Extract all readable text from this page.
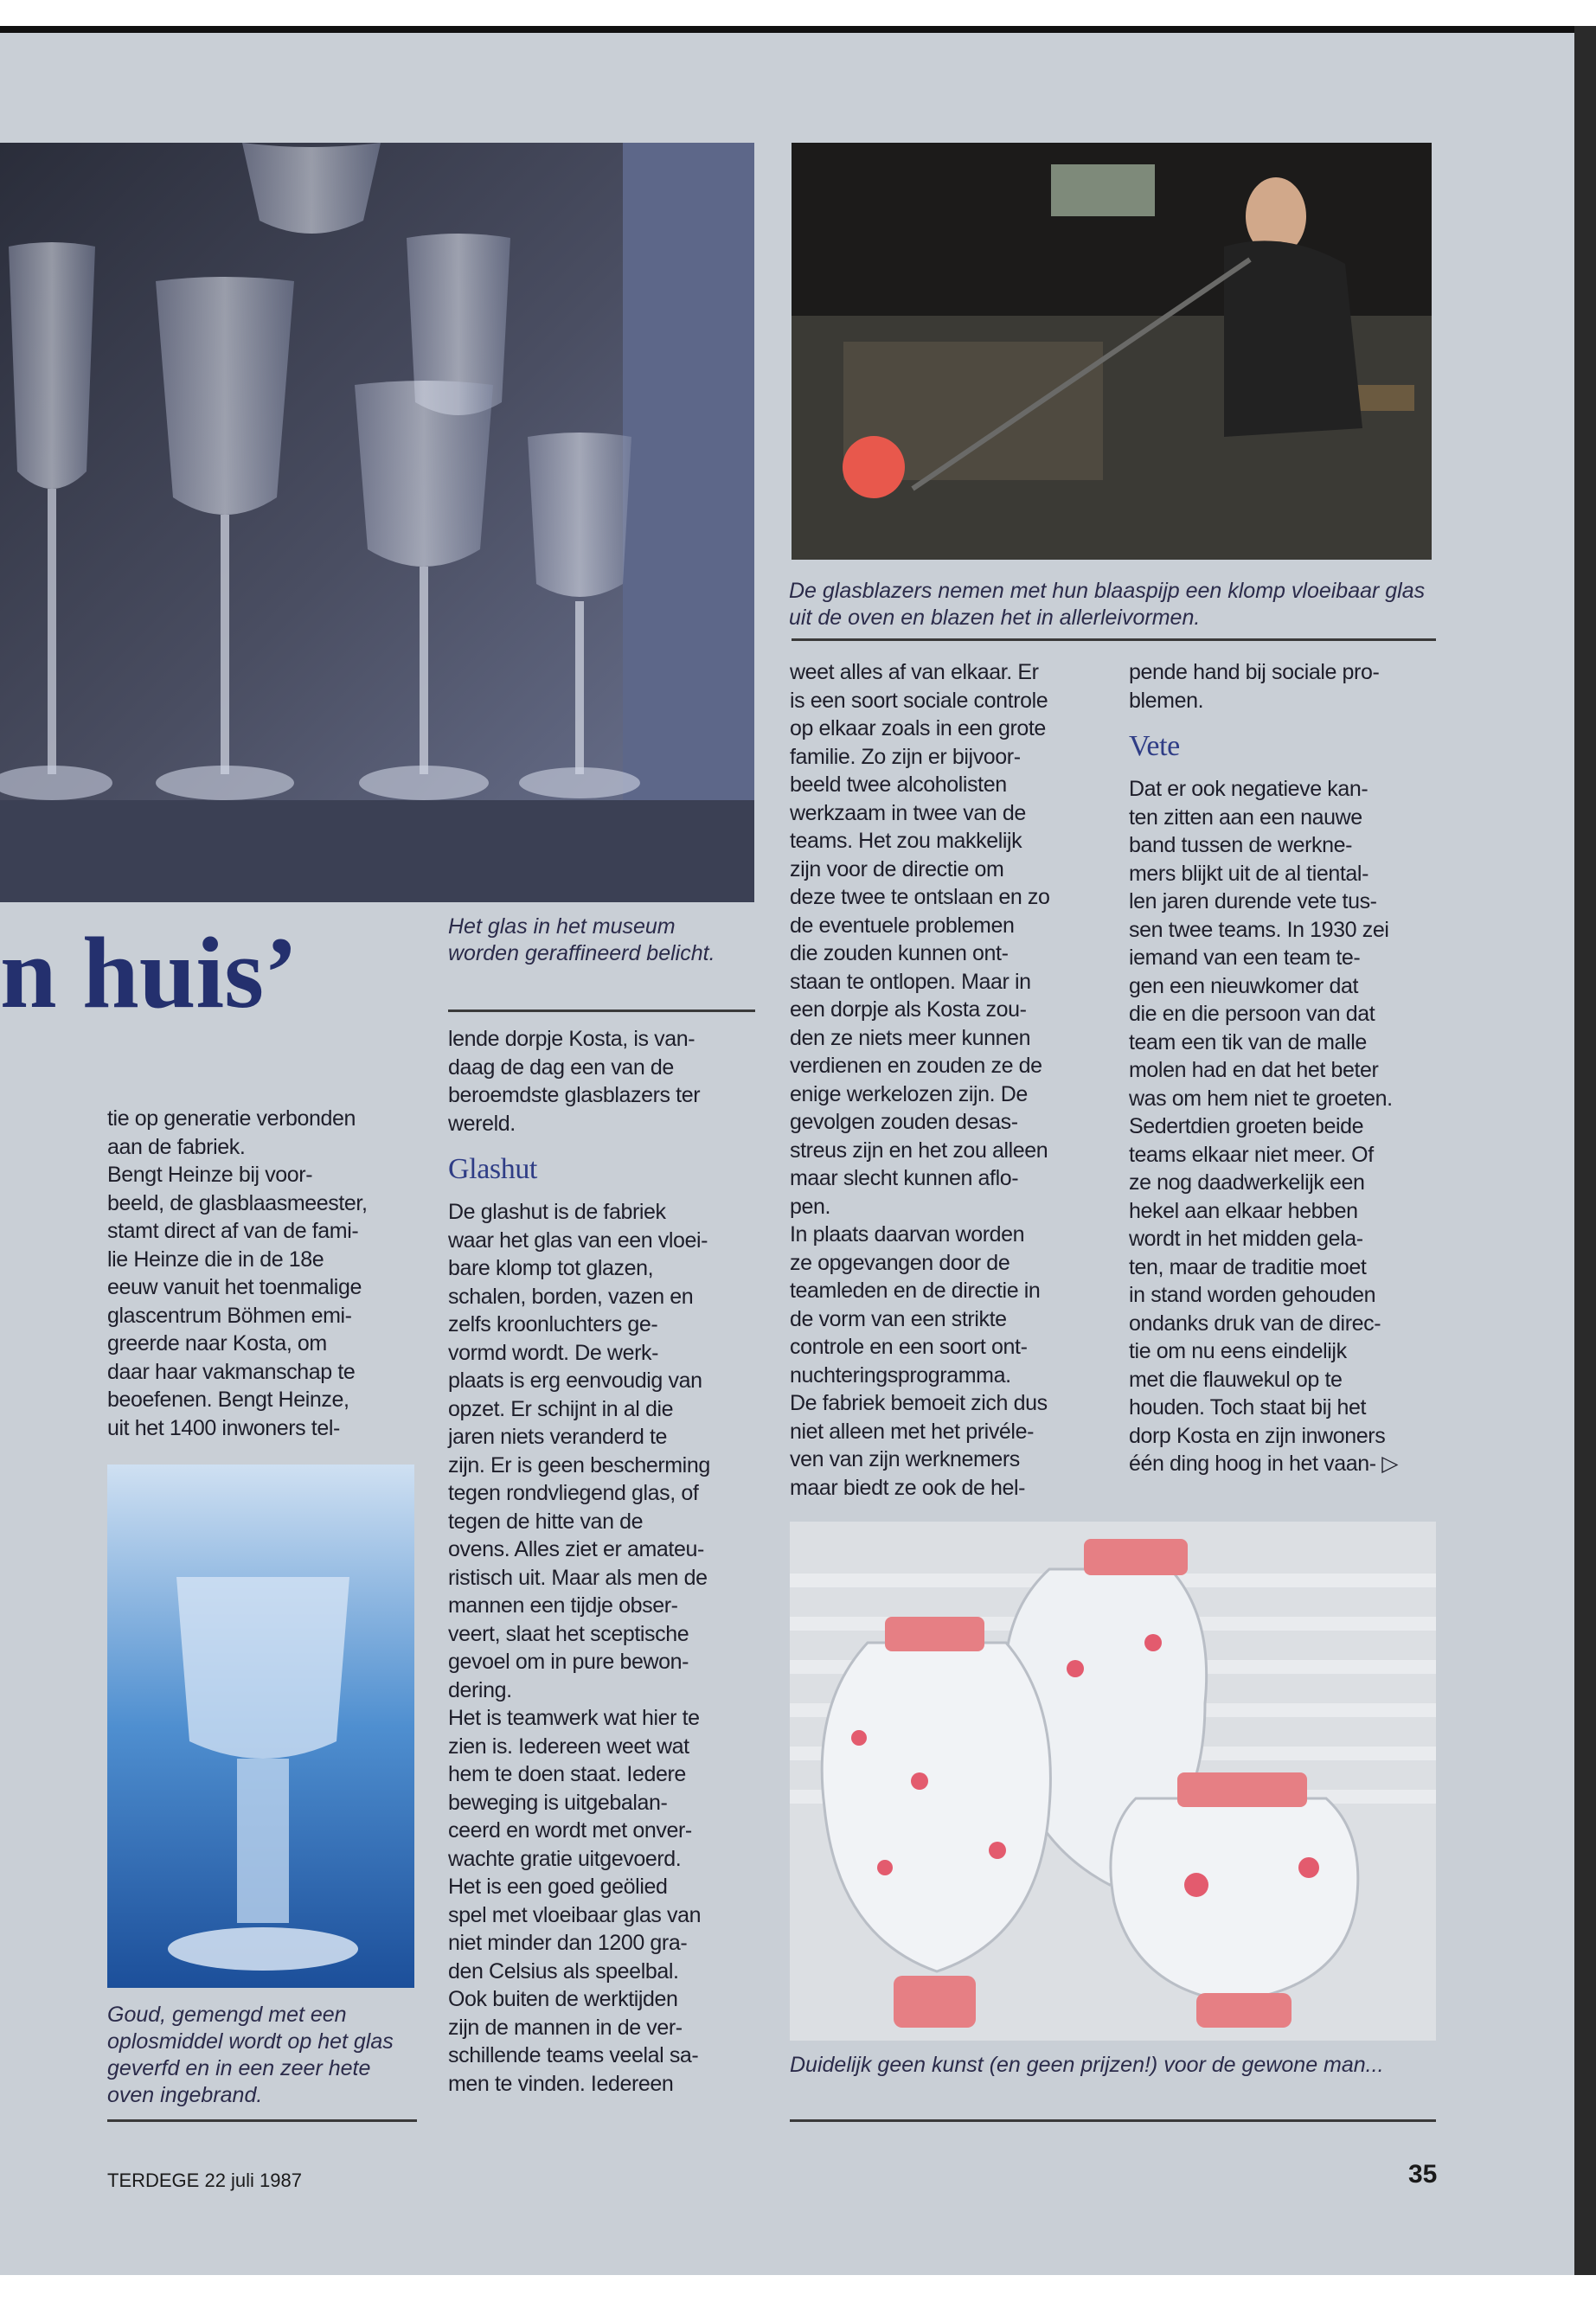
De glasblazers nemen met hun blaaspijp een klomp vloeibaar glas uit de oven en blazen het in allerleivormen.

n huis’	Het glas in het museum worden geraffineerd belicht.

tie op generatie verbonden

aan de fabriek.

Bengt Heinze bij voor-

beeld, de glasblaasmeester,

stamt direct af van de fami-

lie Heinze die in de 18e

eeuw vanuit het toenmalige

glascentrum Böhmen emi-

greerde naar Kosta, om

daar haar vakmanschap te

beoefenen. Bengt Heinze,

uit het 1400 inwoners tel-

Goud, gemengd met een oplosmiddel wordt op het glas geverfd en in een zeer hete oven ingebrand.

lende dorpje Kosta, is van-

daag de dag een van de

beroemdste glasblazers ter

wereld.

Glashut

De glashut is de fabriek

waar het glas van een vloei-

bare klomp tot glazen,

schalen, borden, vazen en

zelfs kroonluchters ge-

vormd wordt. De werk-

plaats is erg eenvoudig van

opzet. Er schijnt in al die

jaren niets veranderd te

zijn. Er is geen bescherming

tegen rondvliegend glas, of

tegen de hitte van de

ovens. Alles ziet er amateu-

ristisch uit. Maar als men de

mannen een tijdje obser-

veert, slaat het sceptische

gevoel om in pure bewon-

dering.

Het is teamwerk wat hier te

zien is. Iedereen weet wat

hem te doen staat. Iedere

beweging is uitgebalan-

ceerd en wordt met onver-

wachte gratie uitgevoerd.

Het is een goed geölied

spel met vloeibaar glas van

niet minder dan 1200 gra-

den Celsius als speelbal.

Ook buiten de werktijden

zijn de mannen in de ver-

schillende teams veelal sa-

men te vinden. Iedereen

weet alles af van elkaar. Er

is een soort sociale controle

op elkaar zoals in een grote

familie. Zo zijn er bijvoor-

beeld twee alcoholisten

werkzaam in twee van de

teams. Het zou makkelijk

zijn voor de directie om

deze twee te ontslaan en zo

de eventuele problemen

die zouden kunnen ont-

staan te ontlopen. Maar in

een dorpje als Kosta zou-

den ze niets meer kunnen

verdienen en zouden ze de

enige werkelozen zijn. De

gevolgen zouden desas-

streus zijn en het zou alleen

maar slecht kunnen aflo-

pen.

In plaats daarvan worden

ze opgevangen door de

teamleden en de directie in

de vorm van een strikte

controle en een soort ont-

nuchteringsprogramma.

De fabriek bemoeit zich dus

niet alleen met het privéle-

ven van zijn werknemers

maar biedt ze ook de hel-

pende hand bij sociale pro-

blemen.

Vete

Dat er ook negatieve kan-

ten zitten aan een nauwe

band tussen de werkne-

mers blijkt uit de al tiental-

len jaren durende vete tus-

sen twee teams. In 1930 zei

iemand van een team te-

gen een nieuwkomer dat

die en die persoon van dat

team een tik van de malle

molen had en dat het beter

was om hem niet te groeten.

Sedertdien groeten beide

teams elkaar niet meer. Of

ze nog daadwerkelijk een

hekel aan elkaar hebben

wordt in het midden gela-

ten, maar de traditie moet

in stand worden gehouden

ondanks druk van de direc-

tie om nu eens eindelijk

met die flauwekul op te

houden. Toch staat bij het

dorp Kosta en zijn inwoners

één ding hoog in het vaan- ▷

Duidelijk geen kunst (en geen prijzen!) voor de gewone man...

TERDEGE 22 juli 1987	35
